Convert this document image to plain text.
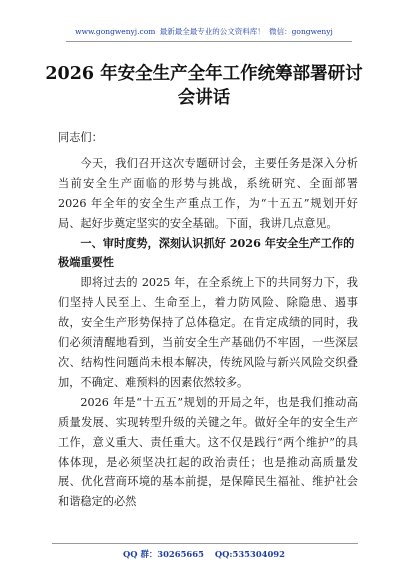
www.gongwenyj.com 最新最全最专业的公文资料库！ 微信：gongwenyj
2026 年安全生产全年工作统筹部署研讨
会讲话

同志们：

今天，我们召开这次专题研讨会，主要任务是深入分析当前安全生产面临的形势与挑战，系统研究、全面部署 2026 年全年的安全生产重点工作，为“十五五”规划开好局、起好步奠定坚实的安全基础。下面，我讲几点意见。

一、审时度势，深刻认识抓好 2026 年安全生产工作的极端重要性

即将过去的 2025 年，在全系统上下的共同努力下，我们坚持人民至上、生命至上，着力防风险、除隐患、遏事故，安全生产形势保持了总体稳定。在肯定成绩的同时，我们必须清醒地看到，当前安全生产基础仍不牢固，一些深层次、结构性问题尚未根本解决，传统风险与新兴风险交织叠加，不确定、难预料的因素依然较多。

2026 年是“十五五”规划的开局之年，也是我们推动高质量发展、实现转型升级的关键之年。做好全年的安全生产工作，意义重大、责任重大。这不仅是践行“两个维护”的具体体现，是必须坚决扛起的政治责任；也是推动高质量发展、优化营商环境的基本前提，是保障民生福祉、维护社会和谐稳定的必然

QQ 群：30265665 QQ:535304092
